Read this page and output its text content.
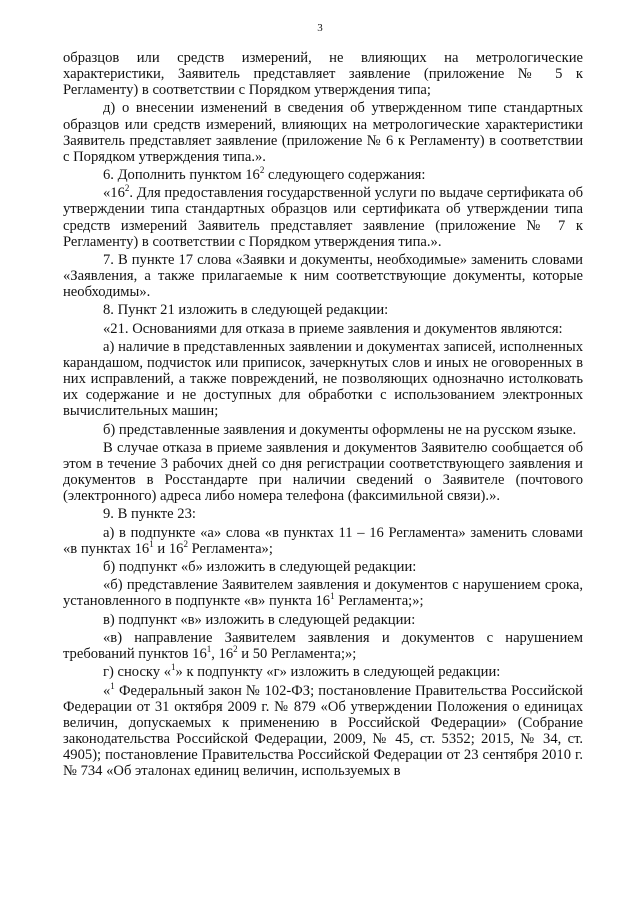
3

образцов или средств измерений, не влияющих на метрологические характеристики, Заявитель представляет заявление (приложение № 5 к Регламенту) в соответствии с Порядком утверждения типа;

д) о внесении изменений в сведения об утвержденном типе стандартных образцов или средств измерений, влияющих на метрологические характеристики Заявитель представляет заявление (приложение № 6 к Регламенту) в соответствии с Порядком утверждения типа.».

6. Дополнить пунктом $16^2$ следующего содержания:

«$16^2$. Для предоставления государственной услуги по выдаче сертификата об утверждении типа стандартных образцов или сертификата об утверждении типа средств измерений Заявитель представляет заявление (приложение № 7 к Регламенту) в соответствии с Порядком утверждения типа.».

7. В пункте 17 слова «Заявки и документы, необходимые» заменить словами «Заявления, а также прилагаемые к ним соответствующие документы, которые необходимы».

8. Пункт 21 изложить в следующей редакции:

«21. Основаниями для отказа в приеме заявления и документов являются:

а) наличие в представленных заявлении и документах записей, исполненных карандашом, подчисток или приписок, зачеркнутых слов и иных не оговоренных в них исправлений, а также повреждений, не позволяющих однозначно истолковать их содержание и не доступных для обработки с использованием электронных вычислительных машин;

б) представленные заявления и документы оформлены не на русском языке.

В случае отказа в приеме заявления и документов Заявителю сообщается об этом в течение 3 рабочих дней со дня регистрации соответствующего заявления и документов в Росстандарте при наличии сведений о Заявителе (почтового (электронного) адреса либо номера телефона (факсимильной связи).».

9. В пункте 23:

а) в подпункте «а» слова «в пунктах 11 – 16 Регламента» заменить словами «в пунктах $16^1$ и $16^2$ Регламента»;

б) подпункт «б» изложить в следующей редакции:

«б) представление Заявителем заявления и документов с нарушением срока, установленного в подпункте «в» пункта $16^1$ Регламента;»;

в) подпункт «в» изложить в следующей редакции:

«в) направление Заявителем заявления и документов с нарушением требований пунктов $16^1$, $16^2$ и 50 Регламента;»;

г) сноску «$^1$» к подпункту «г» изложить в следующей редакции:

«$^1$ Федеральный закон № 102-ФЗ; постановление Правительства Российской Федерации от 31 октября 2009 г. № 879 «Об утверждении Положения о единицах величин, допускаемых к применению в Российской Федерации» (Собрание законодательства Российской Федерации, 2009, № 45, ст. 5352; 2015, № 34, ст. 4905); постановление Правительства Российской Федерации от 23 сентября 2010 г. № 734 «Об эталонах единиц величин, используемых в
